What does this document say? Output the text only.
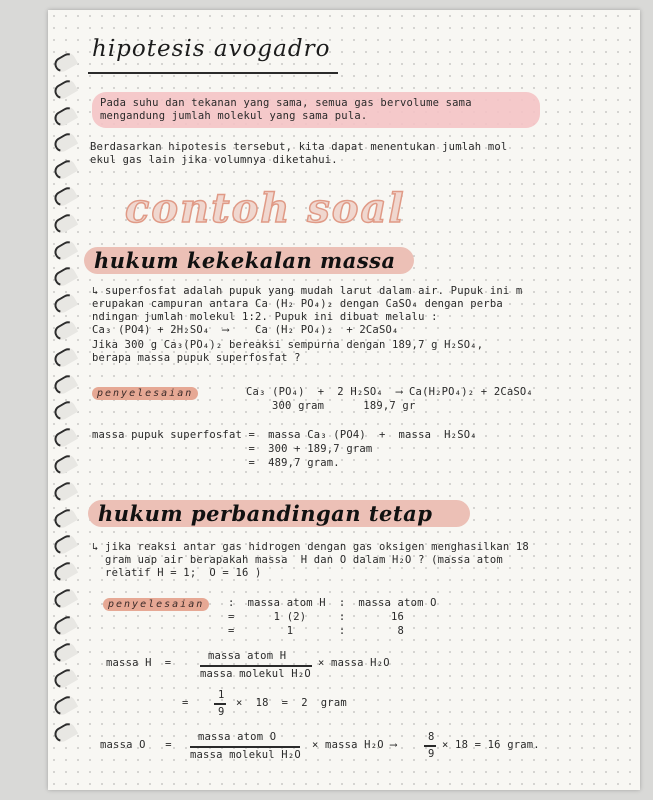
hipotesis avogadro
Pada suhu dan tekanan yang sama, semua gas bervolume sama
mengandung jumlah molekul yang sama pula.
Berdasarkan hipotesis tersebut, kita dapat menentukan jumlah mol
ekul gas lain jika volumnya diketahui.
contoh soal
hukum kekekalan massa
↳ superfosfat adalah pupuk yang mudah larut dalam air. Pupuk ini m
erupakan campuran antara Ca (H₂ PO₄)₂ dengan CaSO₄ dengan perba
ndingan jumlah molekul 1:2. Pupuk ini dibuat melalu :
Ca₃ (PO4) + 2H₂SO₄  ⟶    Ca (H₂ PO₄)₂  + 2CaSO₄
Jika 300 g Ca₃(PO₄)₂ bereaksi sempurna dengan 189,7 g H₂SO₄,
berapa massa pupuk superfosfat ?
penyelesaian	Ca₃ (PO₄)  +  2 H₂SO₄  ⟶ Ca(H₂PO₄)₂ + 2CaSO₄
300 gram      189,7 gr
massa pupuk superfosfat =  massa Ca₃ (PO4)  +  massa  H₂SO₄
=  300 + 189,7 gram
=  489,7 gram.
hukum perbandingan tetap
↳ jika reaksi antar gas hidrogen dengan gas oksigen menghasilkan 18
gram uap air berapakah massa  H dan O dalam H₂O ? (massa atom
relatif H = 1;  O = 16 )
penyelesaian	:  massa atom H  :  massa atom O
=      1 (2)     :       16
=        1       :        8
massa H  =
massa atom H
massa molekul H₂O
× massa H₂O
=
1
9
×  18  =  2  gram
massa O   =
massa atom O
massa molekul H₂O
× massa H₂O ⟶
8
9
× 18 = 16 gram.
